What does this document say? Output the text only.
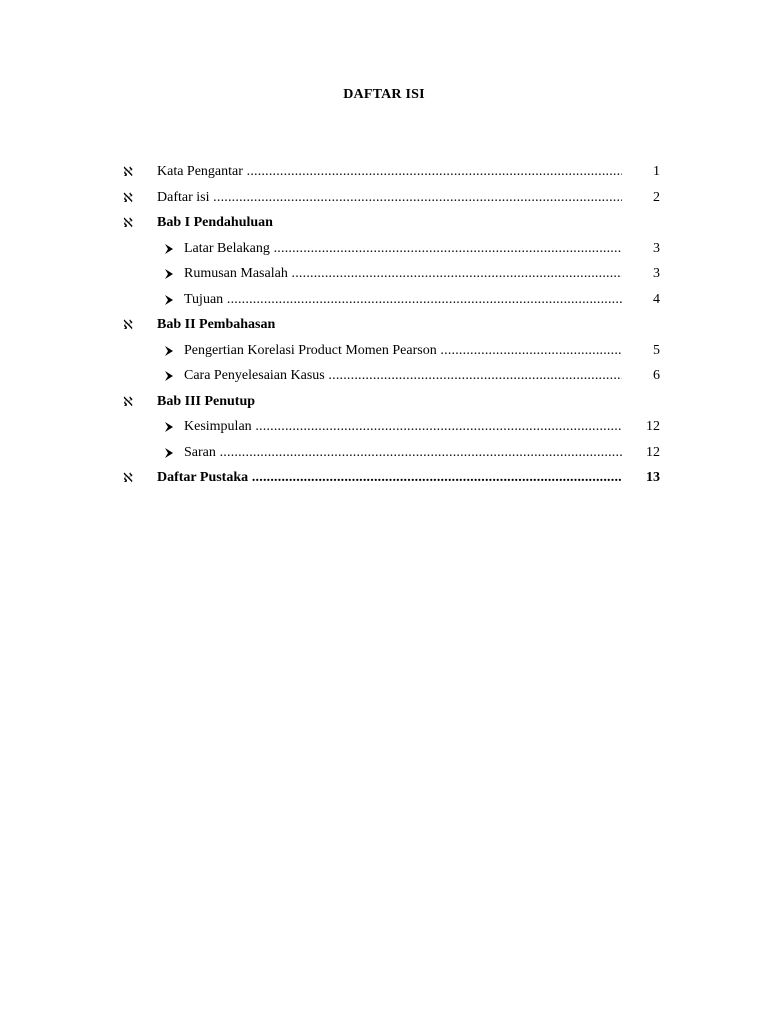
DAFTAR ISI
ℵ Kata Pengantar .....	1
ℵ Daftar isi .....	2
ℵ Bab I Pendahuluan
Latar Belakang .....	3
Rumusan Masalah .....	3
Tujuan .....	4
ℵ Bab II Pembahasan
Pengertian Korelasi Product Momen Pearson .....	5
Cara Penyelesaian Kasus .....	6
ℵ Bab III Penutup
Kesimpulan .....	12
Saran .....	12
ℵ Daftar Pustaka .....	13
